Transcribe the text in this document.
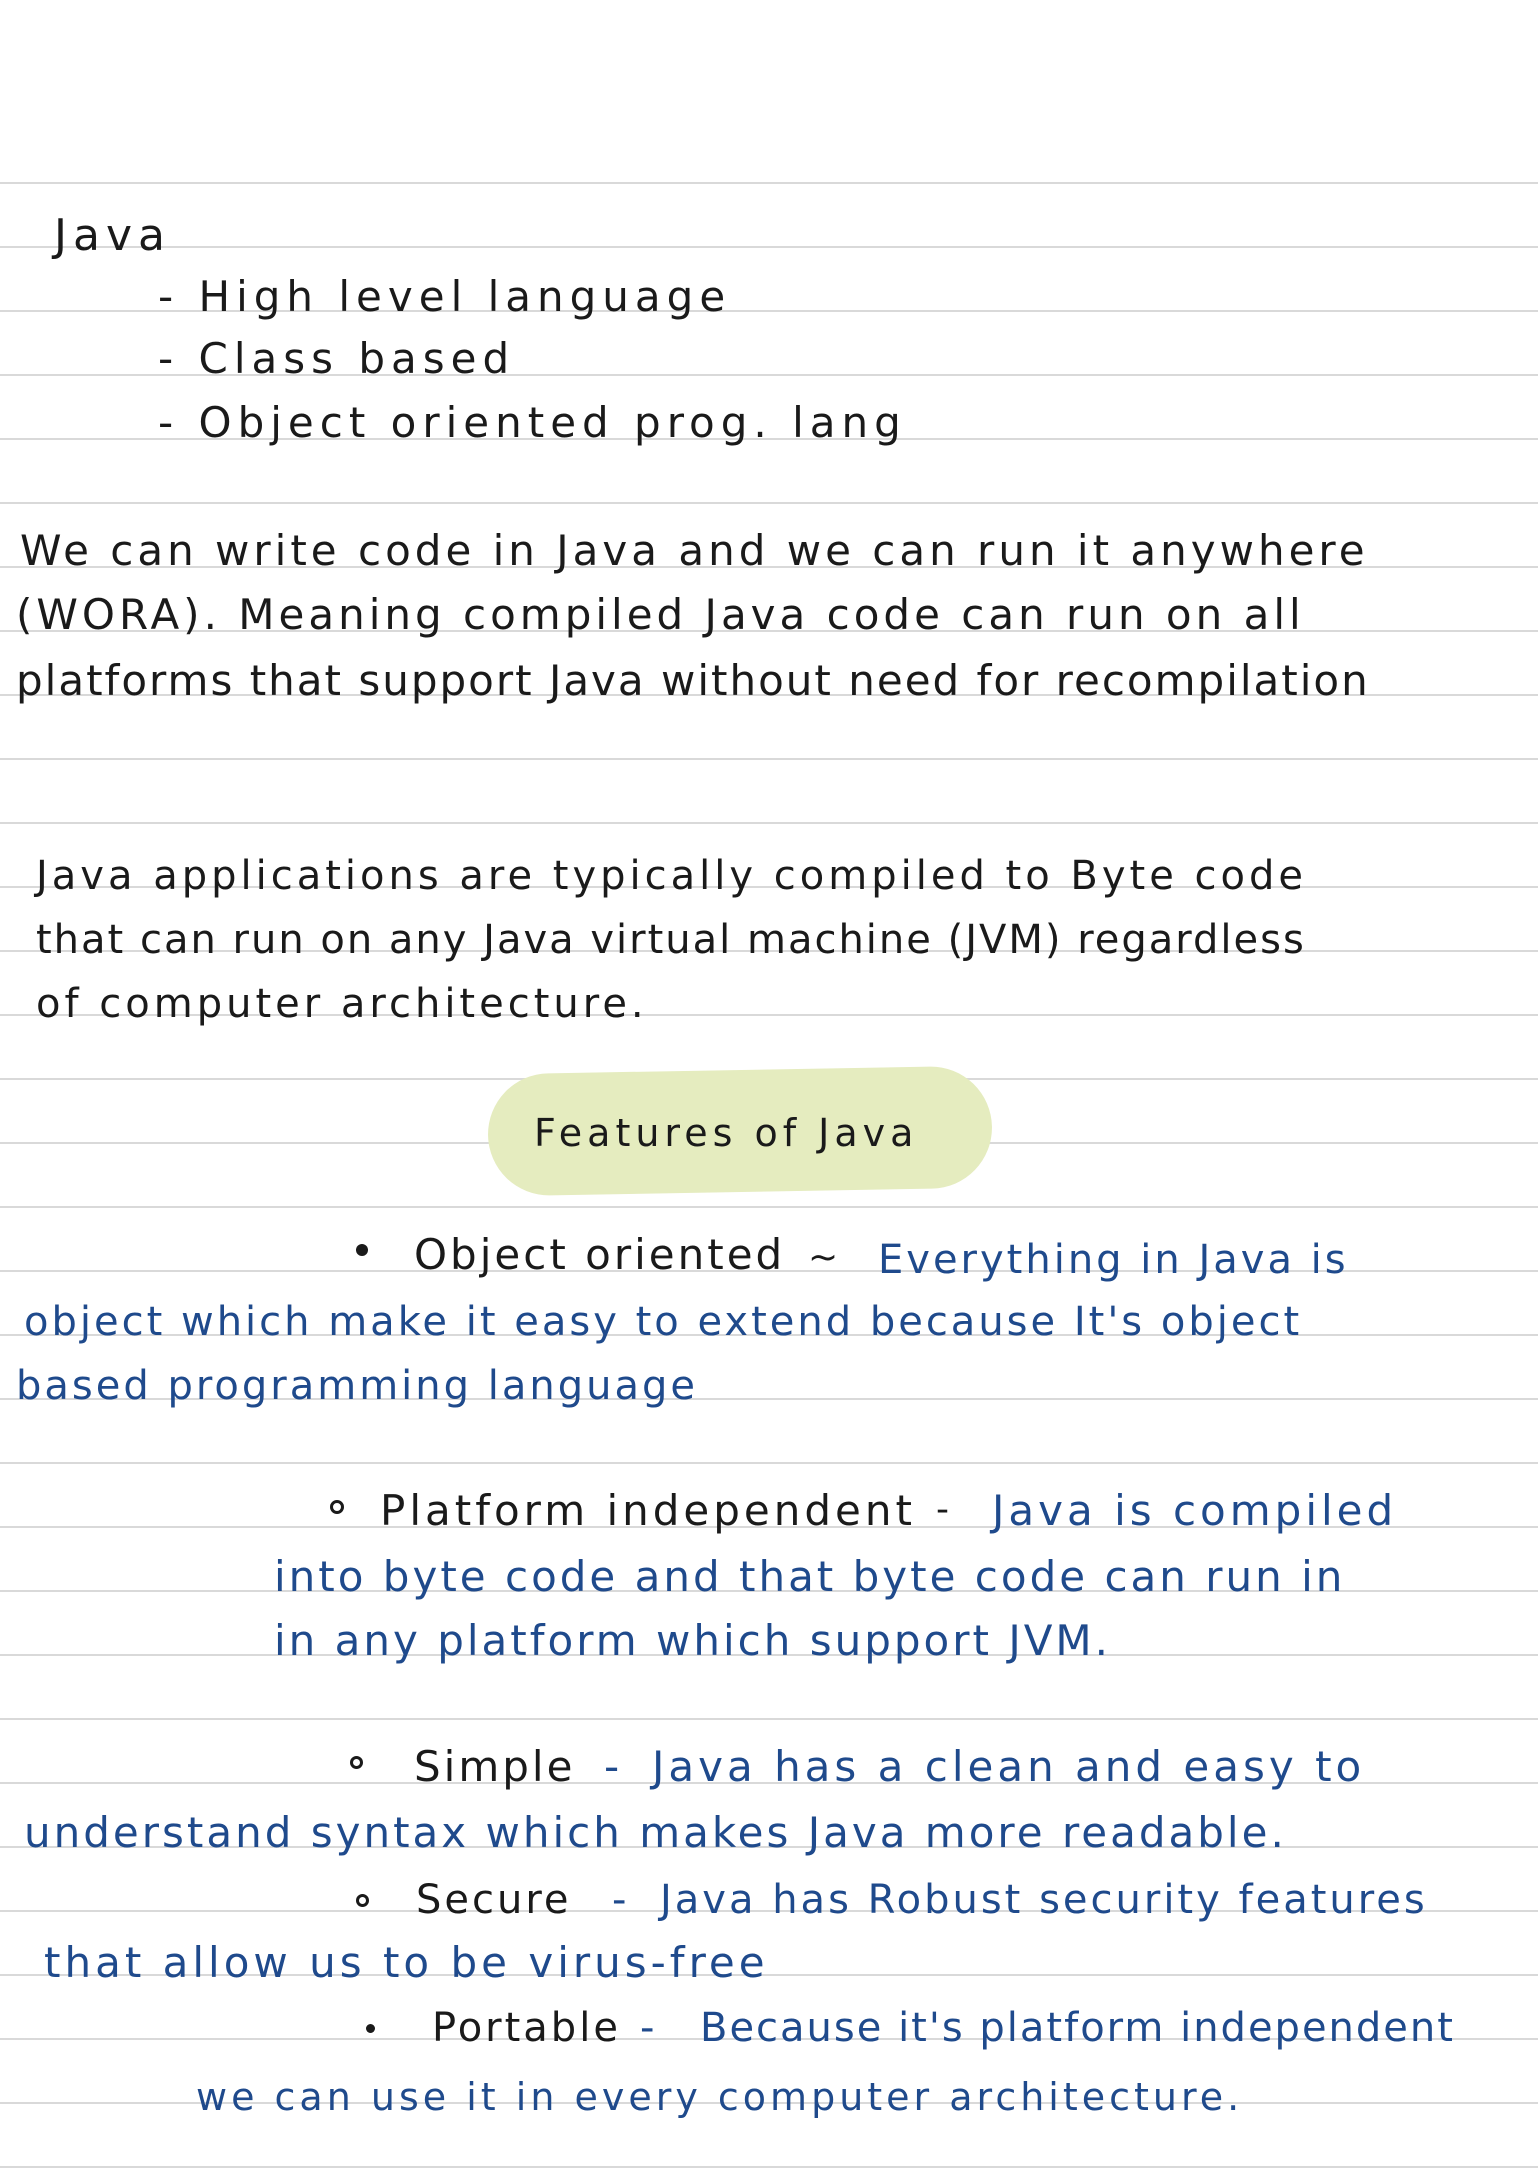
Java
- High level language
- Class based
- Object oriented prog. lang
We can write code in Java and we can run it anywhere
(WORA). Meaning compiled Java code can run on all
platforms that support Java without need for recompilation
Java applications are typically compiled to Byte code
that can run on any Java virtual machine (JVM) regardless
of computer architecture.
Features of Java
Object oriented ~ Everything in Java is
object which make it easy to extend because It's object
based programming language
Platform independent - Java is compiled
into byte code and that byte code can run in
in any platform which support JVM.
Simple - Java has a clean and easy to
understand syntax which makes Java more readable.
Secure - Java has Robust security features
that allow us to be virus-free
Portable - Because it's platform independent
we can use it in every computer architecture.
